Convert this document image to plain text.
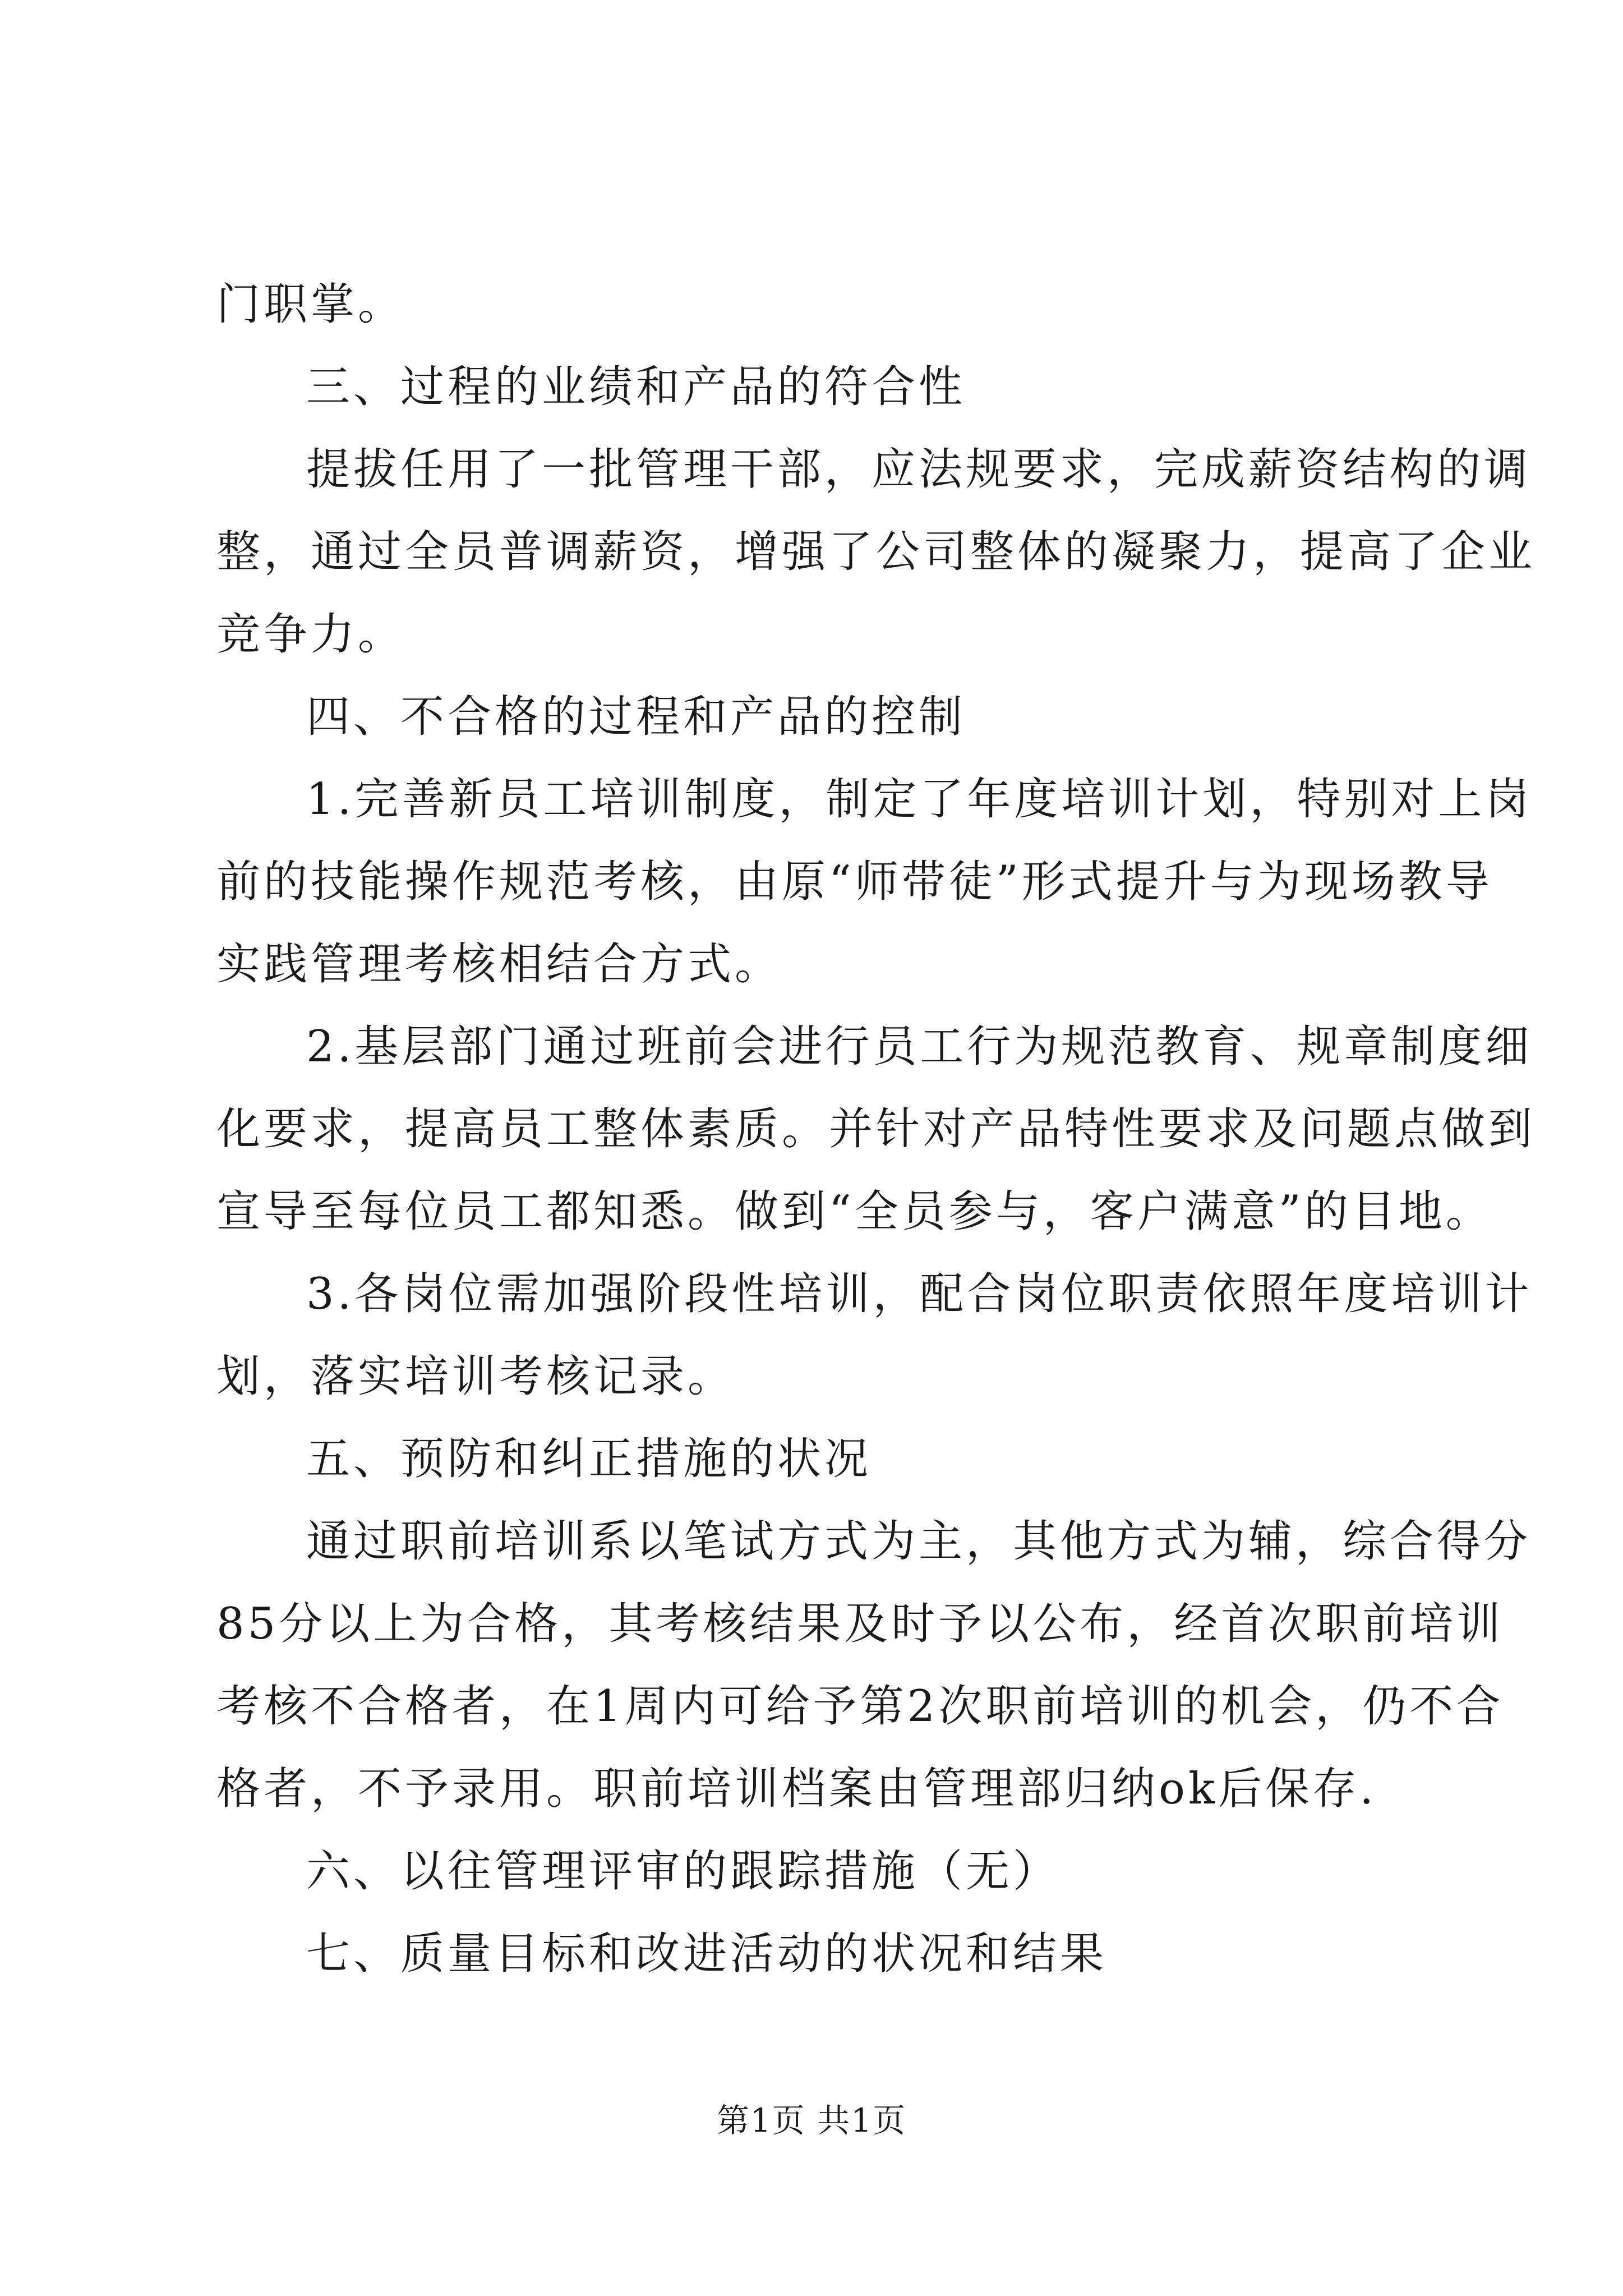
门职掌。
三、过程的业绩和产品的符合性
提拔任用了一批管理干部，应法规要求，完成薪资结构的调
整，通过全员普调薪资，增强了公司整体的凝聚力，提高了企业
竞争力。
四、不合格的过程和产品的控制
1.完善新员工培训制度，制定了年度培训计划，特别对上岗
前的技能操作规范考核，由原“师带徒”形式提升与为现场教导
实践管理考核相结合方式。
2.基层部门通过班前会进行员工行为规范教育、规章制度细
化要求，提高员工整体素质。并针对产品特性要求及问题点做到
宣导至每位员工都知悉。做到“全员参与，客户满意”的目地。
3.各岗位需加强阶段性培训，配合岗位职责依照年度培训计
划，落实培训考核记录。
五、预防和纠正措施的状况
通过职前培训系以笔试方式为主，其他方式为辅，综合得分
85分以上为合格，其考核结果及时予以公布，经首次职前培训
考核不合格者，在1周内可给予第2次职前培训的机会，仍不合
格者，不予录用。职前培训档案由管理部归纳ok后保存.
六、以往管理评审的跟踪措施（无）
七、质量目标和改进活动的状况和结果
第1页 共1页
